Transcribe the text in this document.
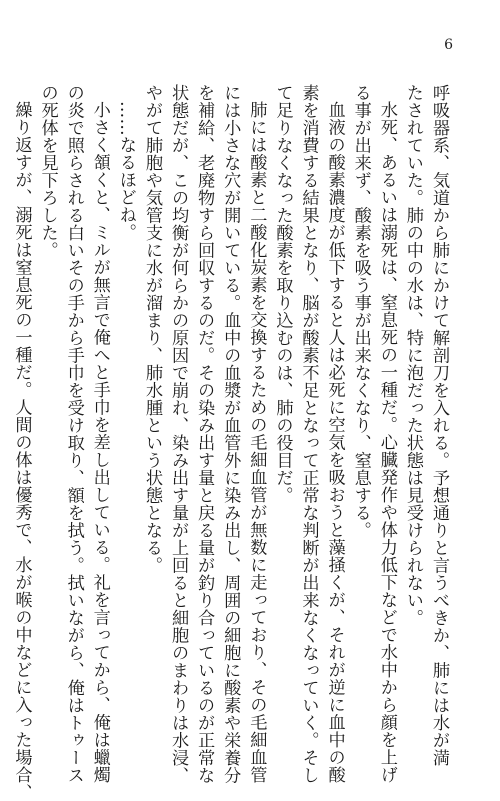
6

呼吸器系、気道から肺にかけて解剖刀を入れる。予想通りと言うべきか、肺には水が満

たされていた。肺の中の水は、特に泡だった状態は見受けられない。

水死、あるいは溺死は、窒息死の一種だ。心臓発作や体力低下などで水中から顔を上げ

る事が出来ず、酸素を吸う事が出来なくなり、窒息する。

血液の酸素濃度が低下すると人は必死に空気を吸おうと藻掻くが、それが逆に血中の酸

素を消費する結果となり、脳が酸素不足となって正常な判断が出来なくなっていく。そし

て足りなくなった酸素を取り込むのは、肺の役目だ。

肺には酸素と二酸化炭素を交換するための毛細血管が無数に走っており、その毛細血管

には小さな穴が開いている。血中の血漿が血管外に染み出し、周囲の細胞に酸素や栄養分

を補給、老廃物すら回収するのだ。その染み出す量と戻る量が釣り合っているのが正常な

状態だが、この均衡が何らかの原因で崩れ、染み出す量が上回ると細胞のまわりは水浸、

やがて肺胞や気管支に水が溜まり、肺水腫という状態となる。

……なるほどね。

小さく頷くと、ミルが無言で俺へと手巾を差し出している。礼を言ってから、俺は蠟燭

の炎で照らされる白いその手から手巾を受け取り、額を拭う。拭いながら、俺はトゥース

の死体を見下ろした。

繰り返すが、溺死は窒息死の一種だ。人間の体は優秀で、水が喉の中などに入った場合、
